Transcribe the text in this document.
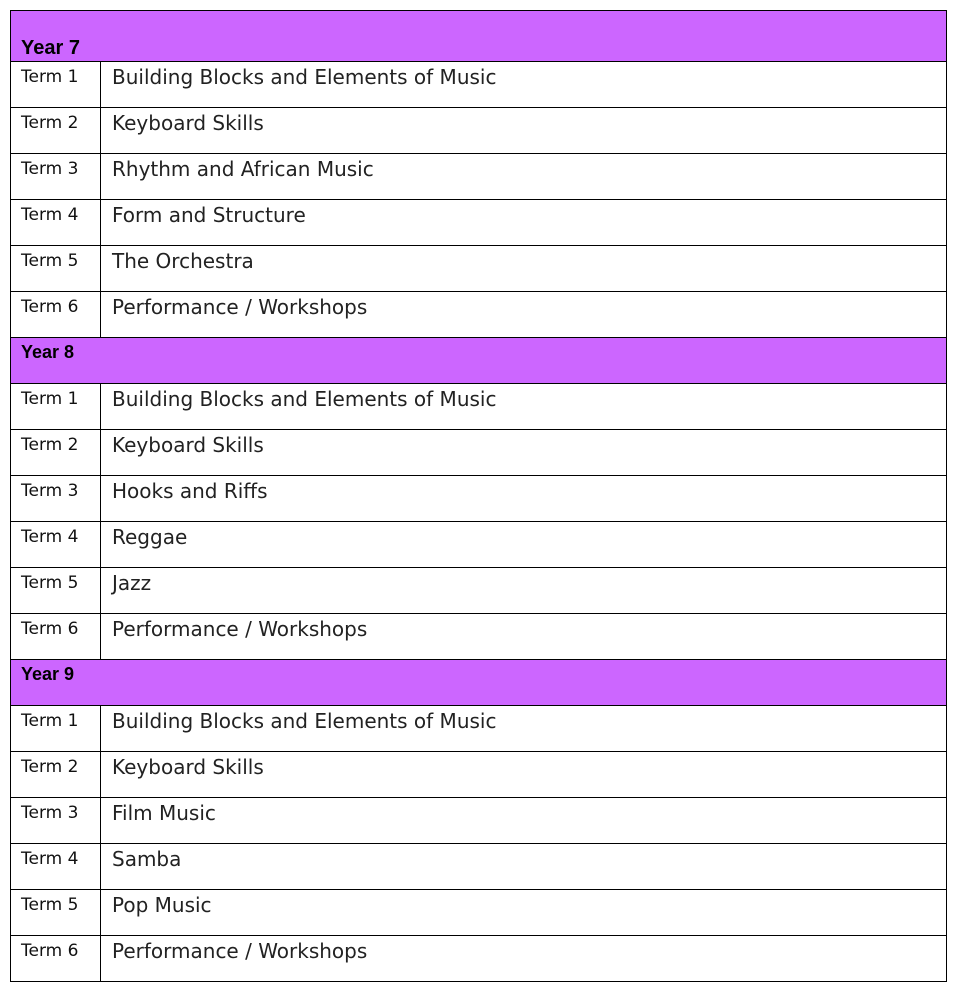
Year 7	

Term 1	Building Blocks and Elements of Music

Term 2	Keyboard Skills

Term 3	Rhythm and African Music

Term 4	Form and Structure

Term 5	The Orchestra

Term 6	Performance / Workshops

Year 8	

Term 1	Building Blocks and Elements of Music

Term 2	Keyboard Skills

Term 3	Hooks and Riffs

Term 4	Reggae

Term 5	Jazz

Term 6	Performance / Workshops

Year 9	

Term 1	Building Blocks and Elements of Music

Term 2	Keyboard Skills

Term 3	Film Music

Term 4	Samba

Term 5	Pop Music

Term 6	Performance / Workshops
